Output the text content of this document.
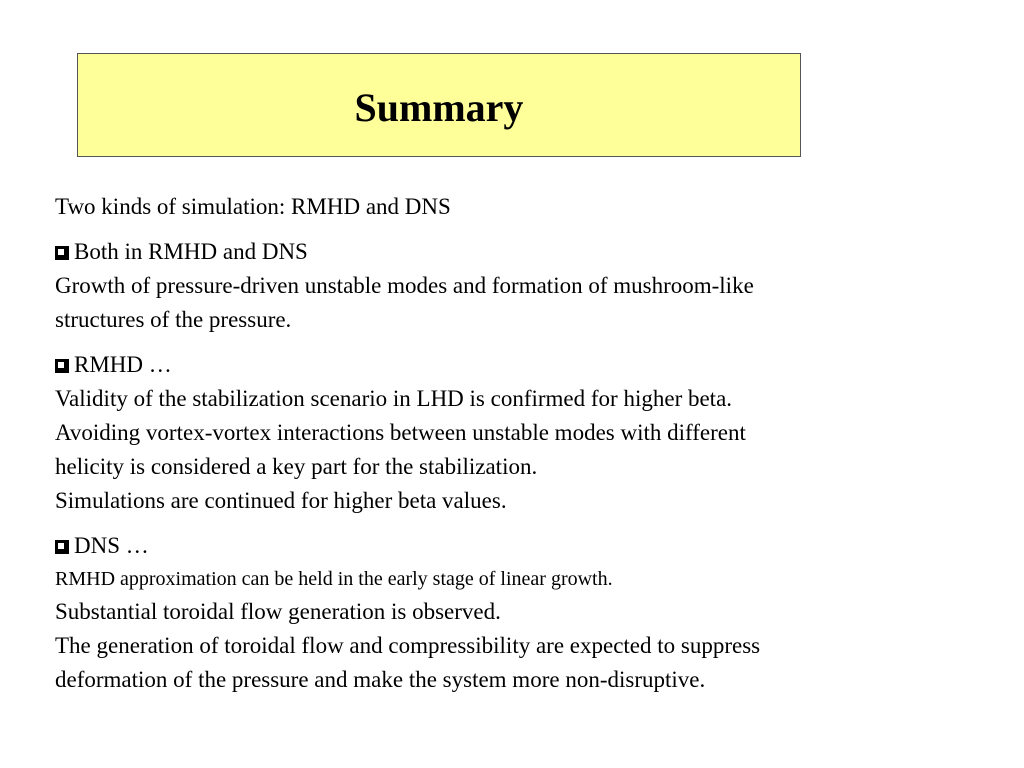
Summary

Two kinds of simulation: RMHD and DNS

Both in RMHD and DNS

Growth of pressure-driven unstable modes and formation of mushroom-like

structures of the pressure.

RMHD …

Validity of the stabilization scenario in LHD is confirmed for higher beta.

Avoiding vortex-vortex interactions between unstable modes with different

helicity is considered a key part for the stabilization.

Simulations are continued for higher beta values.

DNS …

RMHD approximation can be held in the early stage of linear growth.

Substantial toroidal flow generation is observed.

The generation of toroidal flow and compressibility are expected to suppress

deformation of the pressure and make the system more non-disruptive.
